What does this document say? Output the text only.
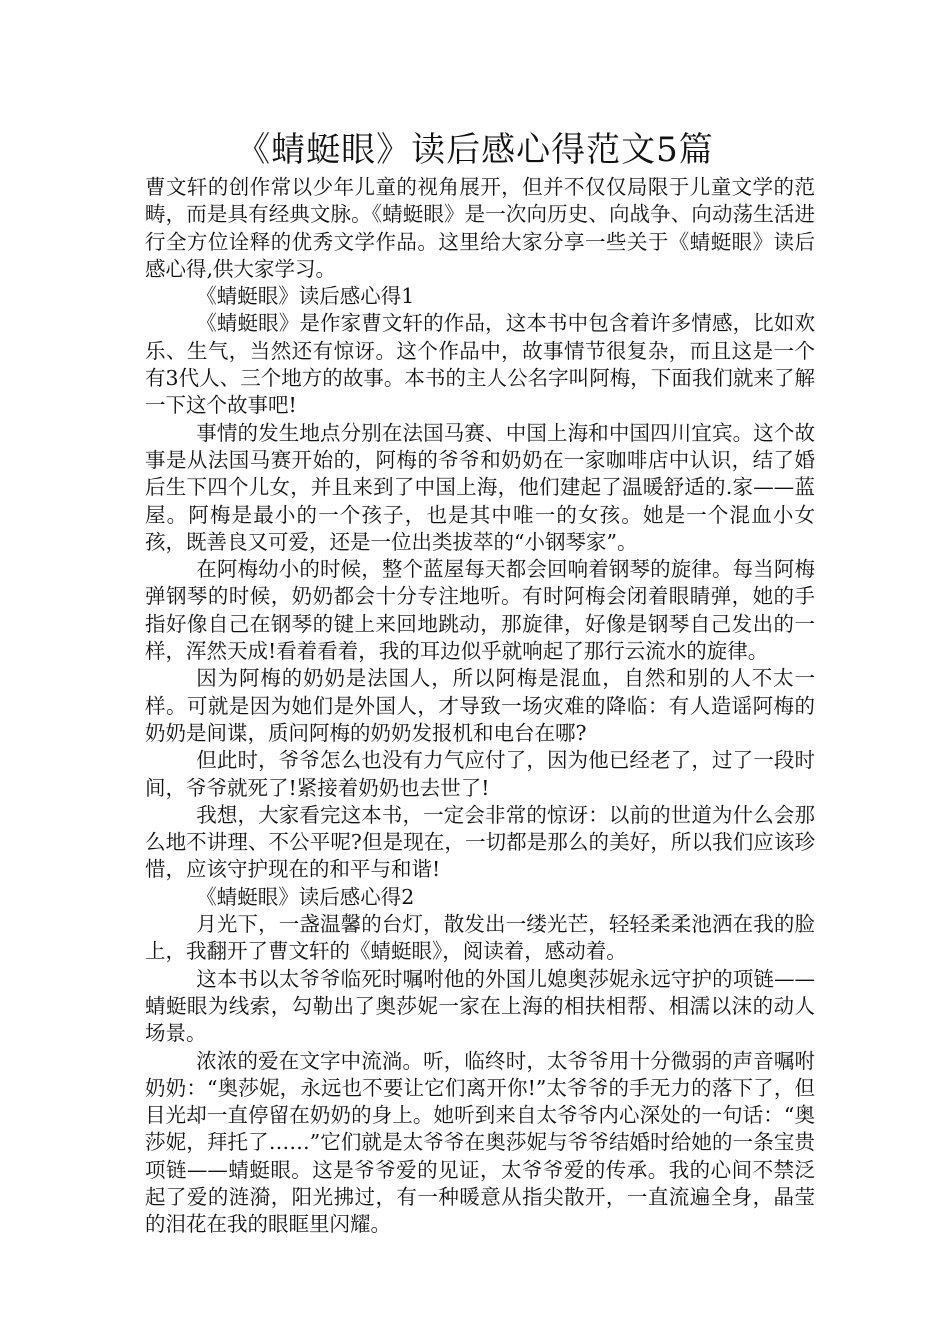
《蜻蜓眼》读后感心得范文5篇

曹文轩的创作常以少年儿童的视角展开，但并不仅仅局限于儿童文学的范畴，而是具有经典文脉。《蜻蜓眼》是一次向历史、向战争、向动荡生活进行全方位诠释的优秀文学作品。这里给大家分享一些关于《蜻蜓眼》读后感心得,供大家学习。

《蜻蜓眼》读后感心得1

《蜻蜓眼》是作家曹文轩的作品，这本书中包含着许多情感，比如欢乐、生气，当然还有惊讶。这个作品中，故事情节很复杂，而且这是一个有3代人、三个地方的故事。本书的主人公名字叫阿梅，下面我们就来了解一下这个故事吧!

事情的发生地点分别在法国马赛、中国上海和中国四川宜宾。这个故事是从法国马赛开始的，阿梅的爷爷和奶奶在一家咖啡店中认识，结了婚后生下四个儿女，并且来到了中国上海，他们建起了温暖舒适的.家——蓝屋。阿梅是最小的一个孩子，也是其中唯一的女孩。她是一个混血小女孩，既善良又可爱，还是一位出类拔萃的“小钢琴家”。

在阿梅幼小的时候，整个蓝屋每天都会回响着钢琴的旋律。每当阿梅弹钢琴的时候，奶奶都会十分专注地听。有时阿梅会闭着眼睛弹，她的手指好像自己在钢琴的键上来回地跳动，那旋律，好像是钢琴自己发出的一样，浑然天成!看着看着，我的耳边似乎就响起了那行云流水的旋律。

因为阿梅的奶奶是法国人，所以阿梅是混血，自然和别的人不太一样。可就是因为她们是外国人，才导致一场灾难的降临：有人造谣阿梅的奶奶是间谍，质问阿梅的奶奶发报机和电台在哪?

但此时，爷爷怎么也没有力气应付了，因为他已经老了，过了一段时间，爷爷就死了!紧接着奶奶也去世了!

我想，大家看完这本书，一定会非常的惊讶：以前的世道为什么会那么地不讲理、不公平呢?但是现在，一切都是那么的美好，所以我们应该珍惜，应该守护现在的和平与和谐!

《蜻蜓眼》读后感心得2

月光下，一盏温馨的台灯，散发出一缕光芒，轻轻柔柔池洒在我的脸上，我翻开了曹文轩的《蜻蜓眼》，阅读着，感动着。

这本书以太爷爷临死时嘱咐他的外国儿媳奥莎妮永远守护的项链——蜻蜓眼为线索，勾勒出了奥莎妮一家在上海的相扶相帮、相濡以沫的动人场景。

浓浓的爱在文字中流淌。听，临终时，太爷爷用十分微弱的声音嘱咐奶奶：“奥莎妮，永远也不要让它们离开你!”太爷爷的手无力的落下了，但目光却一直停留在奶奶的身上。她听到来自太爷爷内心深处的一句话：“奥莎妮，拜托了……”它们就是太爷爷在奥莎妮与爷爷结婚时给她的一条宝贵项链——蜻蜓眼。这是爷爷爱的见证，太爷爷爱的传承。我的心间不禁泛起了爱的涟漪，阳光拂过，有一种暖意从指尖散开，一直流遍全身，晶莹的泪花在我的眼眶里闪耀。
